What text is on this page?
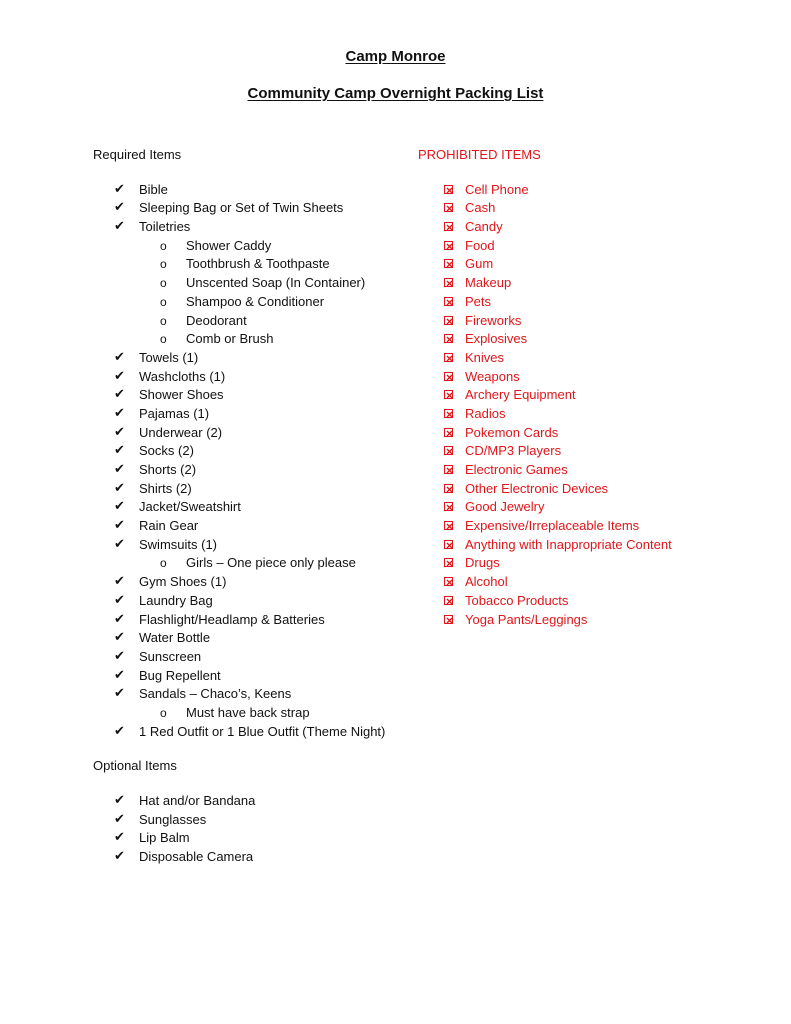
Camp Monroe
Community Camp Overnight Packing List
Required Items
✔ Bible
✔ Sleeping Bag or Set of Twin Sheets
✔ Toiletries
o Shower Caddy
o Toothbrush & Toothpaste
o Unscented Soap (In Container)
o Shampoo & Conditioner
o Deodorant
o Comb or Brush
✔ Towels (1)
✔ Washcloths (1)
✔ Shower Shoes
✔ Pajamas (1)
✔ Underwear (2)
✔ Socks (2)
✔ Shorts (2)
✔ Shirts (2)
✔ Jacket/Sweatshirt
✔ Rain Gear
✔ Swimsuits (1)
o Girls – One piece only please
✔ Gym Shoes (1)
✔ Laundry Bag
✔ Flashlight/Headlamp & Batteries
✔ Water Bottle
✔ Sunscreen
✔ Bug Repellent
✔ Sandals – Chaco’s, Keens
o Must have back strap
✔ 1 Red Outfit or 1 Blue Outfit (Theme Night)
Optional Items
✔ Hat and/or Bandana
✔ Sunglasses
✔ Lip Balm
✔ Disposable Camera
PROHIBITED ITEMS
Cell Phone
Cash
Candy
Food
Gum
Makeup
Pets
Fireworks
Explosives
Knives
Weapons
Archery Equipment
Radios
Pokemon Cards
CD/MP3 Players
Electronic Games
Other Electronic Devices
Good Jewelry
Expensive/Irreplaceable Items
Anything with Inappropriate Content
Drugs
Alcohol
Tobacco Products
Yoga Pants/Leggings
